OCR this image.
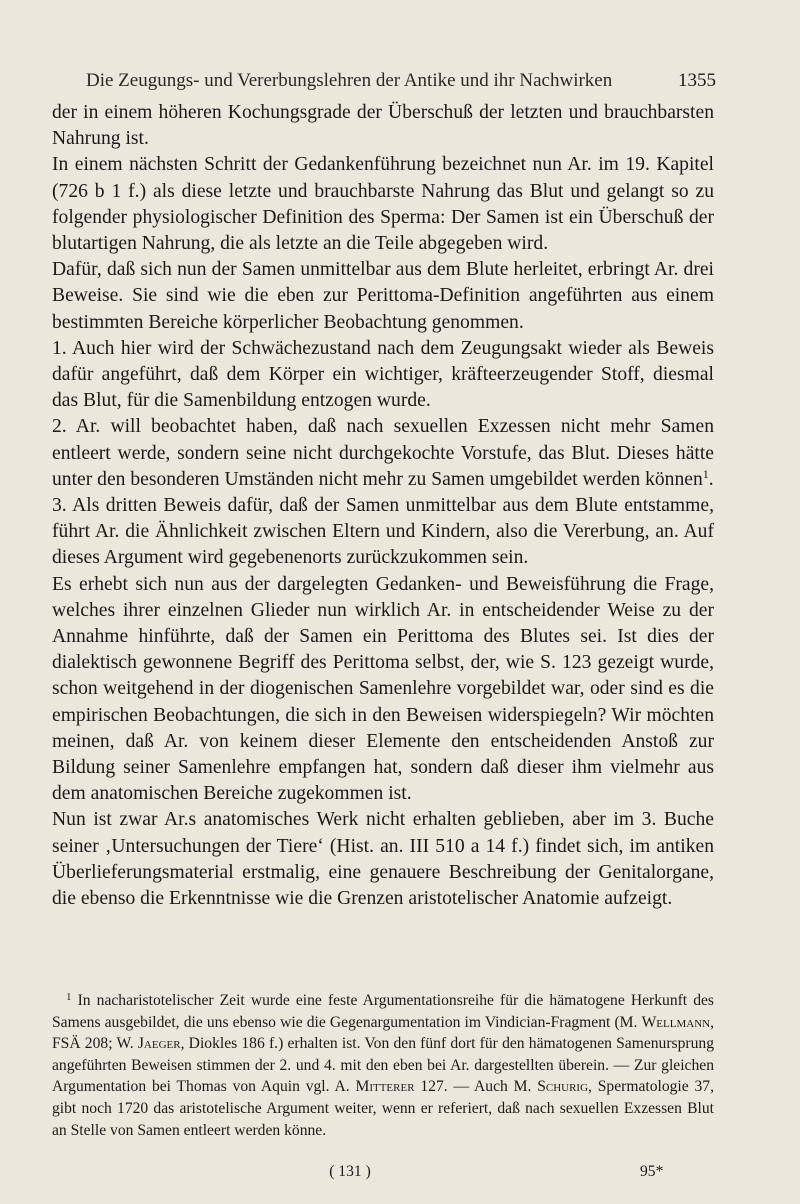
Die Zeugungs- und Vererbungslehren der Antike und ihr Nachwirken	1355

der in einem höheren Kochungsgrade der Überschuß der letzten und brauchbarsten Nahrung ist.

In einem nächsten Schritt der Gedankenführung bezeichnet nun Ar. im 19. Kapitel (726 b 1 f.) als diese letzte und brauchbarste Nahrung das Blut und gelangt so zu folgender physiologischer Definition des Sperma: Der Samen ist ein Überschuß der blutartigen Nahrung, die als letzte an die Teile abgegeben wird.

Dafür, daß sich nun der Samen unmittelbar aus dem Blute herleitet, erbringt Ar. drei Beweise. Sie sind wie die eben zur Perittoma-Definition angeführten aus einem bestimmten Bereiche körperlicher Beobachtung genommen.

1. Auch hier wird der Schwächezustand nach dem Zeugungsakt wieder als Beweis dafür angeführt, daß dem Körper ein wichtiger, kräfteerzeugender Stoff, diesmal das Blut, für die Samenbildung entzogen wurde.

2. Ar. will beobachtet haben, daß nach sexuellen Exzessen nicht mehr Samen entleert werde, sondern seine nicht durchgekochte Vorstufe, das Blut. Dieses hätte unter den besonderen Umständen nicht mehr zu Samen umgebildet werden können$^1$.

3. Als dritten Beweis dafür, daß der Samen unmittelbar aus dem Blute entstamme, führt Ar. die Ähnlichkeit zwischen Eltern und Kindern, also die Vererbung, an. Auf dieses Argument wird gegebenenorts zurückzukommen sein.

Es erhebt sich nun aus der dargelegten Gedanken- und Beweisführung die Frage, welches ihrer einzelnen Glieder nun wirklich Ar. in entscheidender Weise zu der Annahme hinführte, daß der Samen ein Perittoma des Blutes sei. Ist dies der dialektisch gewonnene Begriff des Perittoma selbst, der, wie S. 123 gezeigt wurde, schon weitgehend in der diogenischen Samenlehre vorgebildet war, oder sind es die empirischen Beobachtungen, die sich in den Beweisen widerspiegeln? Wir möchten meinen, daß Ar. von keinem dieser Elemente den entscheidenden Anstoß zur Bildung seiner Samenlehre empfangen hat, sondern daß dieser ihm vielmehr aus dem anatomischen Bereiche zugekommen ist.

Nun ist zwar Ar.s anatomisches Werk nicht erhalten geblieben, aber im 3. Buche seiner ‚Untersuchungen der Tiere‘ (Hist. an. III 510 a 14 f.) findet sich, im antiken Überlieferungsmaterial erstmalig, eine genauere Beschreibung der Genitalorgane, die ebenso die Erkenntnisse wie die Grenzen aristotelischer Anatomie aufzeigt.

$^1$ In nacharistotelischer Zeit wurde eine feste Argumentationsreihe für die hämatogene Herkunft des Samens ausgebildet, die uns ebenso wie die Gegenargumentation im Vindician-Fragment (M. Wellmann, FSÄ 208; W. Jaeger, Diokles 186 f.) erhalten ist. Von den fünf dort für den hämatogenen Samenursprung angeführten Beweisen stimmen der 2. und 4. mit den eben bei Ar. dargestellten überein. — Zur gleichen Argumentation bei Thomas von Aquin vgl. A. Mitterer 127. — Auch M. Schurig, Spermatologie 37, gibt noch 1720 das aristotelische Argument weiter, wenn er referiert, daß nach sexuellen Exzessen Blut an Stelle von Samen entleert werden könne.

( 131 )	95*
